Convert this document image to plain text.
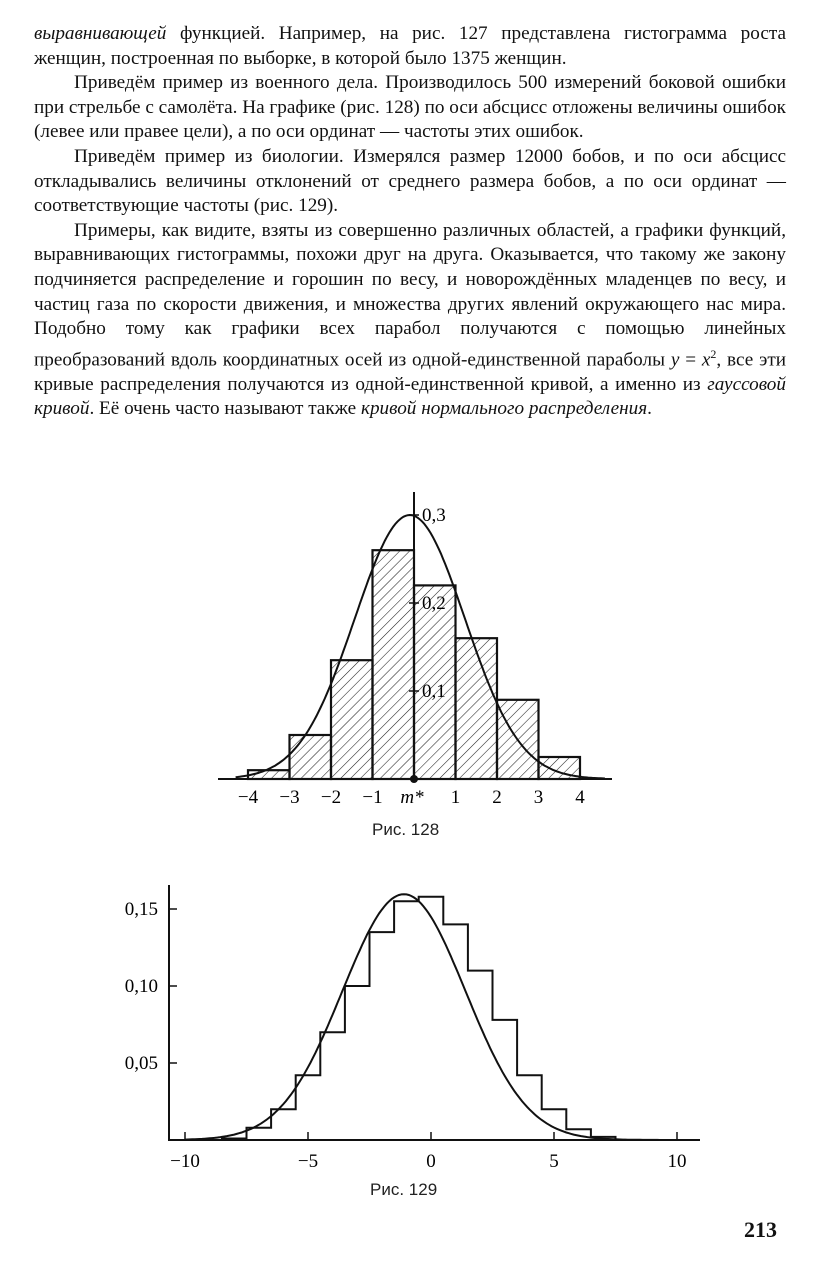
выравнивающей функцией. Например, на рис. 127 представлена гистограмма роста женщин, построенная по выборке, в которой было 1375 женщин.

Приведём пример из военного дела. Производилось 500 измерений боковой ошибки при стрельбе с самолёта. На графике (рис. 128) по оси абсцисс отложены величины ошибок (левее или правее цели), а по оси ординат — частоты этих ошибок.

Приведём пример из биологии. Измерялся размер 12000 бобов, и по оси абсцисс откладывались величины отклонений от среднего размера бобов, а по оси ординат — соответствующие частоты (рис. 129).

Примеры, как видите, взяты из совершенно различных областей, а графики функций, выравнивающих гистограммы, похожи друг на друга. Оказывается, что такому же закону подчиняется распределение и горошин по весу, и новорождённых младенцев по весу, и частиц газа по скорости движения, и множества других явлений окружающего нас мира. Подобно тому как графики всех парабол получаются с помощью линейных преобразований вдоль координатных осей из одной-единственной параболы $y = x^2$, все эти кривые распределения получаются из одной-единственной кривой, а именно из гауссовой кривой. Её очень часто называют также кривой нормального распределения.

0,1
0,2
0,3
−4 −3 −2 −1	1 2 3 4
m*
0,05
0,10
0,15
−10	−5	0	5	10
Рис. 128
Рис. 129
213
